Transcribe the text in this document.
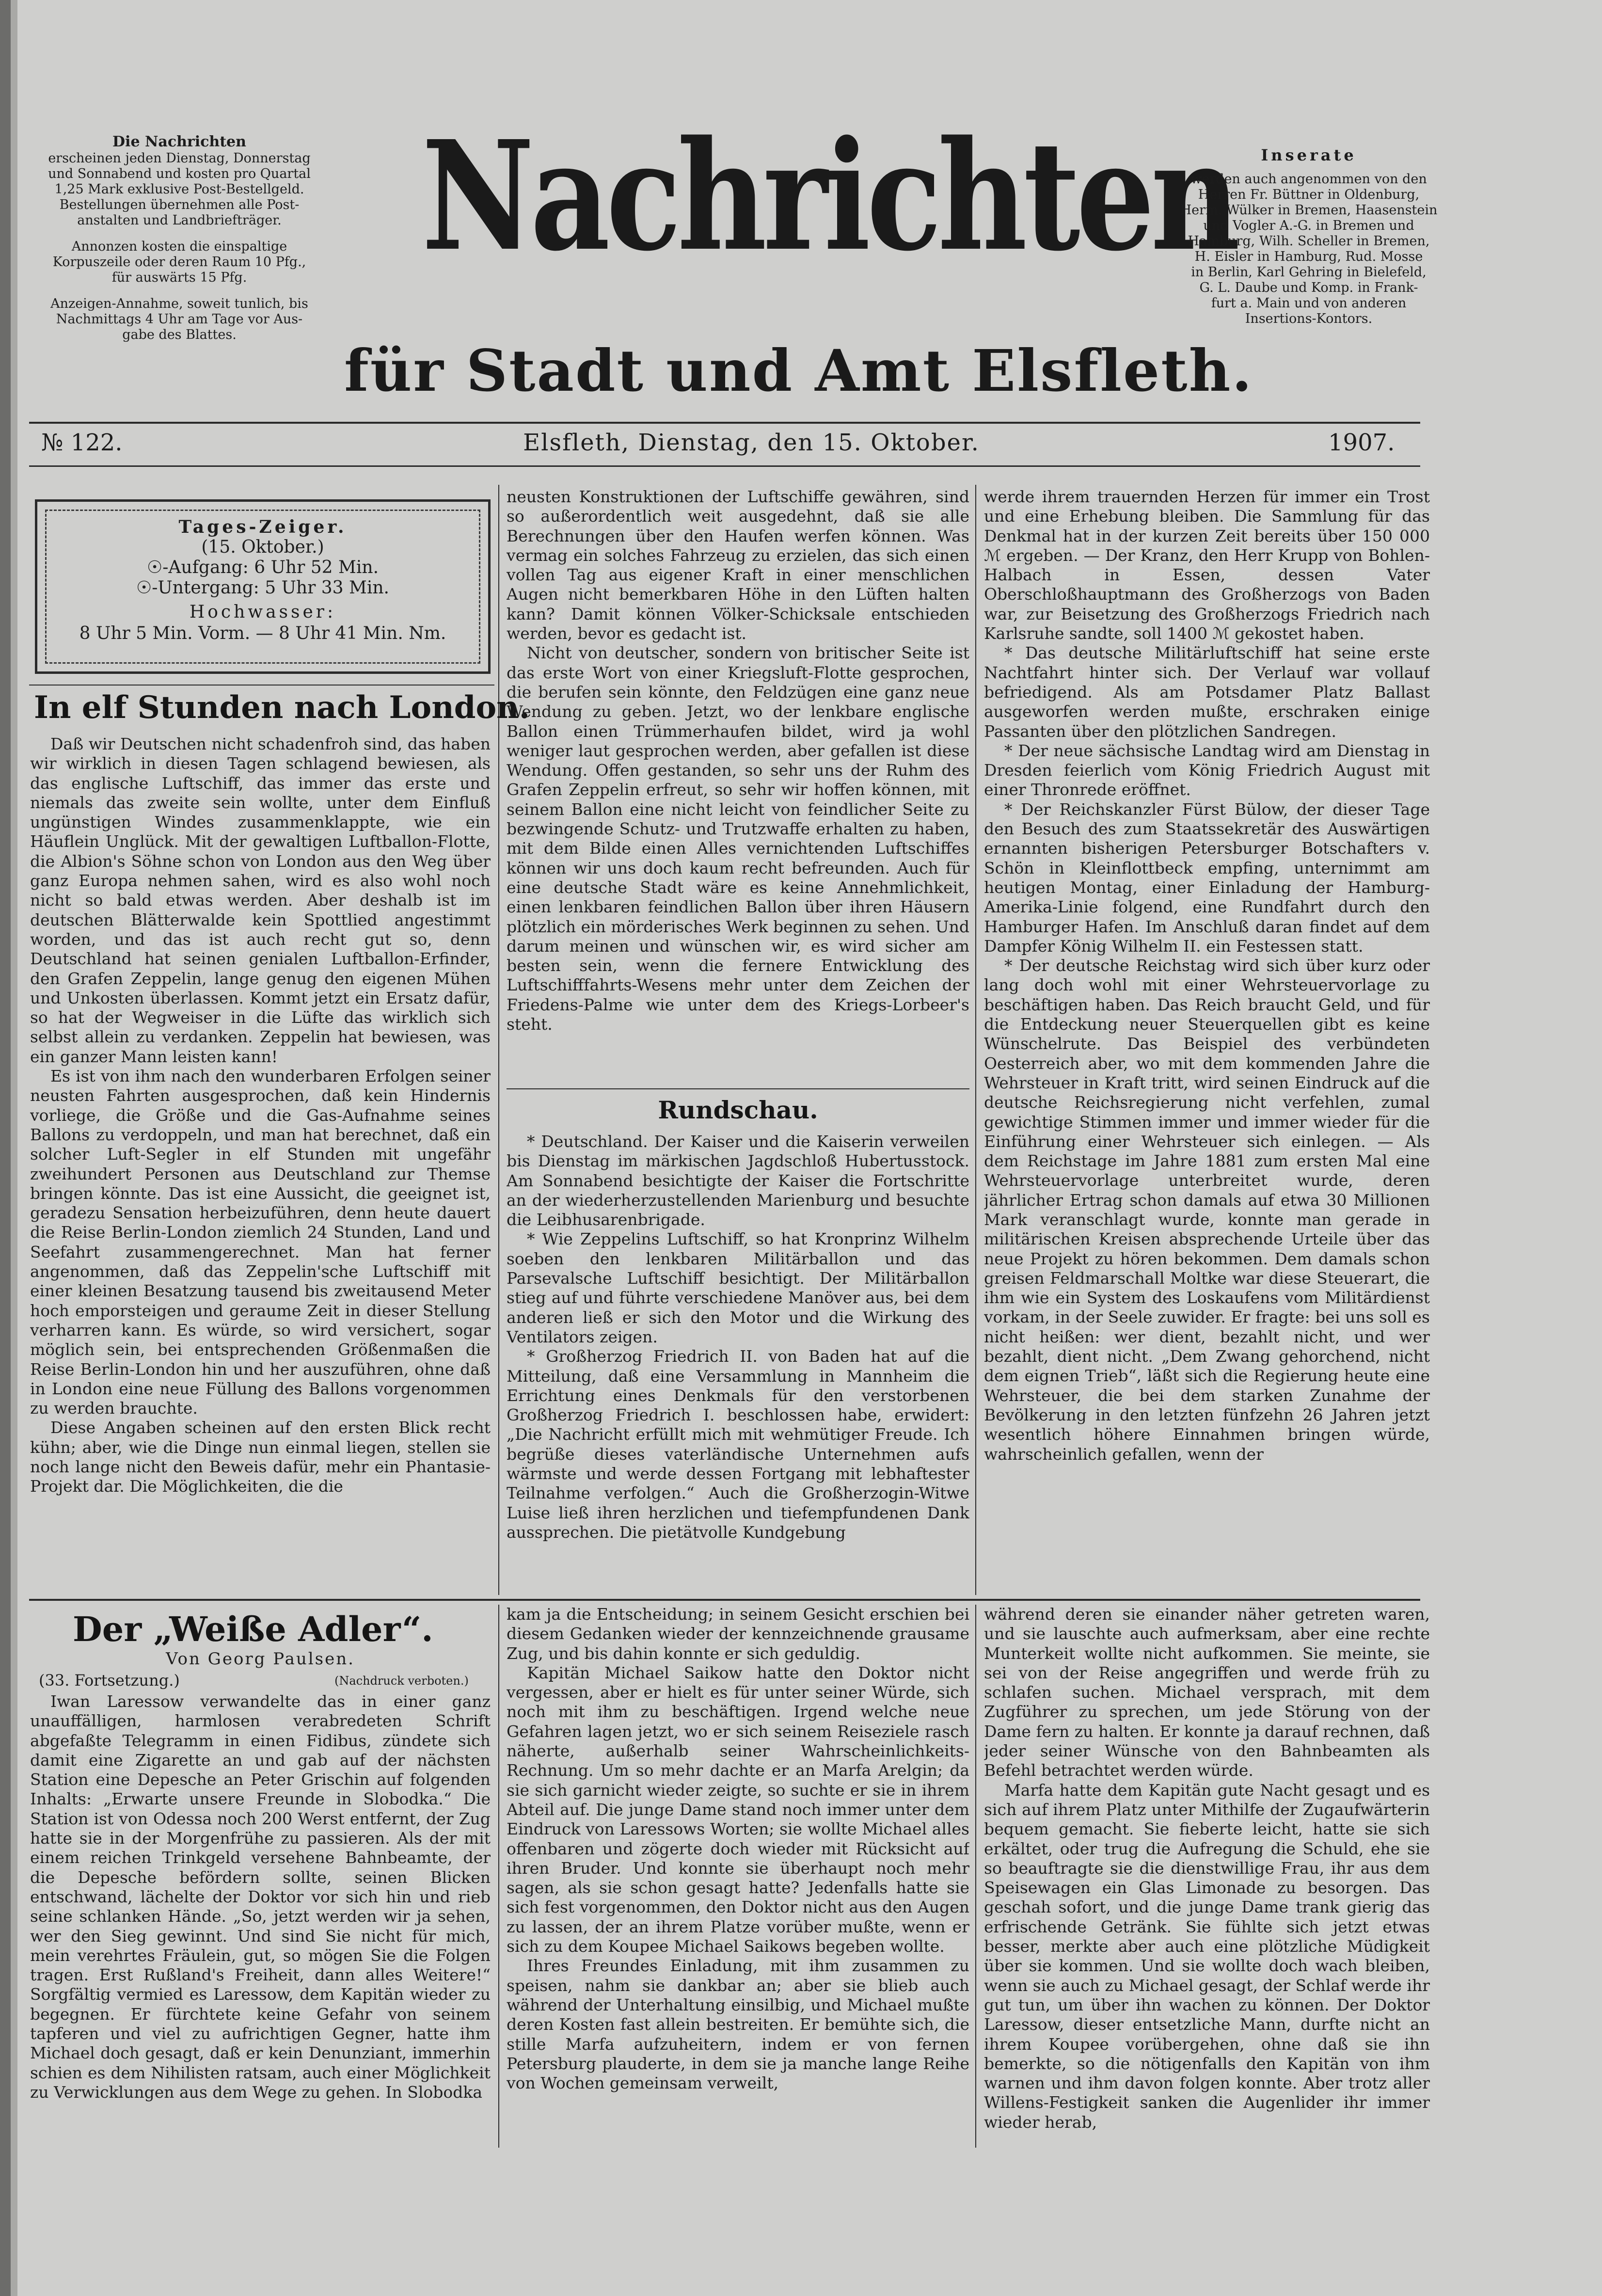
Die Nachrichten
erscheinen jeden Dienstag, Donnerstag
und Sonnabend und kosten pro Quartal
1,25 Mark exklusive Post-Bestellgeld.
Bestellungen übernehmen alle Post-
anstalten und Landbriefträger.
Annonzen kosten die einspaltige
Korpuszeile oder deren Raum 10 Pfg.,
für auswärts 15 Pfg.
Anzeigen-Annahme, soweit tunlich, bis
Nachmittags 4 Uhr am Tage vor Aus-
gabe des Blattes.
Nachrichten
für Stadt und Amt Elsfleth.
Inserate
werden auch angenommen von den
Herren Fr. Büttner in Oldenburg,
Herm. Wülker in Bremen, Haasenstein
und Vogler A.-G. in Bremen und
Hamburg, Wilh. Scheller in Bremen,
H. Eisler in Hamburg, Rud. Mosse
in Berlin, Karl Gehring in Bielefeld,
G. L. Daube und Komp. in Frank-
furt a. Main und von anderen
Insertions-Kontors.
№ 122.	Elsfleth, Dienstag, den 15. Oktober.	1907.
Tages-Zeiger.
(15. Oktober.)
☉-Aufgang: 6 Uhr 52 Min.
☉-Untergang: 5 Uhr 33 Min.
Hochwasser:
8 Uhr 5 Min. Vorm. — 8 Uhr 41 Min. Nm.
In elf Stunden nach London.

Daß wir Deutschen nicht schadenfroh sind, das haben wir wirklich in diesen Tagen schlagend bewiesen, als das englische Luftschiff, das immer das erste und niemals das zweite sein wollte, unter dem Einfluß ungünstigen Windes zusammenklappte, wie ein Häuflein Unglück. Mit der gewaltigen Luftballon-Flotte, die Albion's Söhne schon von London aus den Weg über ganz Europa nehmen sahen, wird es also wohl noch nicht so bald etwas werden. Aber deshalb ist im deutschen Blätterwalde kein Spottlied angestimmt worden, und das ist auch recht gut so, denn Deutschland hat seinen genialen Luftballon-Erfinder, den Grafen Zeppelin, lange genug den eigenen Mühen und Unkosten überlassen. Kommt jetzt ein Ersatz dafür, so hat der Wegweiser in die Lüfte das wirklich sich selbst allein zu verdanken. Zeppelin hat bewiesen, was ein ganzer Mann leisten kann!

Es ist von ihm nach den wunderbaren Erfolgen seiner neusten Fahrten ausgesprochen, daß kein Hindernis vorliege, die Größe und die Gas-Aufnahme seines Ballons zu verdoppeln, und man hat berechnet, daß ein solcher Luft-Segler in elf Stunden mit ungefähr zweihundert Personen aus Deutschland zur Themse bringen könnte. Das ist eine Aussicht, die geeignet ist, geradezu Sensation herbeizuführen, denn heute dauert die Reise Berlin-London ziemlich 24 Stunden, Land und Seefahrt zusammengerechnet. Man hat ferner angenommen, daß das Zeppelin'sche Luftschiff mit einer kleinen Besatzung tausend bis zweitausend Meter hoch emporsteigen und geraume Zeit in dieser Stellung verharren kann. Es würde, so wird versichert, sogar möglich sein, bei entsprechenden Größenmaßen die Reise Berlin-London hin und her auszuführen, ohne daß in London eine neue Füllung des Ballons vorgenommen zu werden brauchte.

Diese Angaben scheinen auf den ersten Blick recht kühn; aber, wie die Dinge nun einmal liegen, stellen sie noch lange nicht den Beweis dafür, mehr ein Phantasie-Projekt dar. Die Möglichkeiten, die die

neusten Konstruktionen der Luftschiffe gewähren, sind so außerordentlich weit ausgedehnt, daß sie alle Berechnungen über den Haufen werfen können. Was vermag ein solches Fahrzeug zu erzielen, das sich einen vollen Tag aus eigener Kraft in einer menschlichen Augen nicht bemerkbaren Höhe in den Lüften halten kann? Damit können Völker-Schicksale entschieden werden, bevor es gedacht ist.

Nicht von deutscher, sondern von britischer Seite ist das erste Wort von einer Kriegsluft-Flotte gesprochen, die berufen sein könnte, den Feldzügen eine ganz neue Wendung zu geben. Jetzt, wo der lenkbare englische Ballon einen Trümmerhaufen bildet, wird ja wohl weniger laut gesprochen werden, aber gefallen ist diese Wendung. Offen gestanden, so sehr uns der Ruhm des Grafen Zeppelin erfreut, so sehr wir hoffen können, mit seinem Ballon eine nicht leicht von feindlicher Seite zu bezwingende Schutz- und Trutzwaffe erhalten zu haben, mit dem Bilde einen Alles vernichtenden Luftschiffes können wir uns doch kaum recht befreunden. Auch für eine deutsche Stadt wäre es keine Annehmlichkeit, einen lenkbaren feindlichen Ballon über ihren Häusern plötzlich ein mörderisches Werk beginnen zu sehen. Und darum meinen und wünschen wir, es wird sicher am besten sein, wenn die fernere Entwicklung des Luftschifffahrts-Wesens mehr unter dem Zeichen der Friedens-Palme wie unter dem des Kriegs-Lorbeer's steht.

Rundschau.

* Deutschland. Der Kaiser und die Kaiserin verweilen bis Dienstag im märkischen Jagdschloß Hubertusstock. Am Sonnabend besichtigte der Kaiser die Fortschritte an der wiederherzustellenden Marienburg und besuchte die Leibhusarenbrigade.

* Wie Zeppelins Luftschiff, so hat Kronprinz Wilhelm soeben den lenkbaren Militärballon und das Parsevalsche Luftschiff besichtigt. Der Militärballon stieg auf und führte verschiedene Manöver aus, bei dem anderen ließ er sich den Motor und die Wirkung des Ventilators zeigen.

* Großherzog Friedrich II. von Baden hat auf die Mitteilung, daß eine Versammlung in Mannheim die Errichtung eines Denkmals für den verstorbenen Großherzog Friedrich I. beschlossen habe, erwidert: „Die Nachricht erfüllt mich mit wehmütiger Freude. Ich begrüße dieses vaterländische Unternehmen aufs wärmste und werde dessen Fortgang mit lebhaftester Teilnahme verfolgen.“ Auch die Großherzogin-Witwe Luise ließ ihren herzlichen und tiefempfundenen Dank aussprechen. Die pietätvolle Kundgebung

werde ihrem trauernden Herzen für immer ein Trost und eine Erhebung bleiben. Die Sammlung für das Denkmal hat in der kurzen Zeit bereits über 150 000 ℳ ergeben. — Der Kranz, den Herr Krupp von Bohlen-Halbach in Essen, dessen Vater Oberschloßhauptmann des Großherzogs von Baden war, zur Beisetzung des Großherzogs Friedrich nach Karlsruhe sandte, soll 1400 ℳ gekostet haben.

* Das deutsche Militärluftschiff hat seine erste Nachtfahrt hinter sich. Der Verlauf war vollauf befriedigend. Als am Potsdamer Platz Ballast ausgeworfen werden mußte, erschraken einige Passanten über den plötzlichen Sandregen.

* Der neue sächsische Landtag wird am Dienstag in Dresden feierlich vom König Friedrich August mit einer Thronrede eröffnet.

* Der Reichskanzler Fürst Bülow, der dieser Tage den Besuch des zum Staatssekretär des Auswärtigen ernannten bisherigen Petersburger Botschafters v. Schön in Kleinflottbeck empfing, unternimmt am heutigen Montag, einer Einladung der Hamburg-Amerika-Linie folgend, eine Rundfahrt durch den Hamburger Hafen. Im Anschluß daran findet auf dem Dampfer König Wilhelm II. ein Festessen statt.

* Der deutsche Reichstag wird sich über kurz oder lang doch wohl mit einer Wehrsteuervorlage zu beschäftigen haben. Das Reich braucht Geld, und für die Entdeckung neuer Steuerquellen gibt es keine Wünschelrute. Das Beispiel des verbündeten Oesterreich aber, wo mit dem kommenden Jahre die Wehrsteuer in Kraft tritt, wird seinen Eindruck auf die deutsche Reichsregierung nicht verfehlen, zumal gewichtige Stimmen immer und immer wieder für die Einführung einer Wehrsteuer sich einlegen. — Als dem Reichstage im Jahre 1881 zum ersten Mal eine Wehrsteuervorlage unterbreitet wurde, deren jährlicher Ertrag schon damals auf etwa 30 Millionen Mark veranschlagt wurde, konnte man gerade in militärischen Kreisen absprechende Urteile über das neue Projekt zu hören bekommen. Dem damals schon greisen Feldmarschall Moltke war diese Steuerart, die ihm wie ein System des Loskaufens vom Militärdienst vorkam, in der Seele zuwider. Er fragte: bei uns soll es nicht heißen: wer dient, bezahlt nicht, und wer bezahlt, dient nicht. „Dem Zwang gehorchend, nicht dem eignen Trieb“, läßt sich die Regierung heute eine Wehrsteuer, die bei dem starken Zunahme der Bevölkerung in den letzten fünfzehn 26 Jahren jetzt wesentlich höhere Einnahmen bringen würde, wahrscheinlich gefallen, wenn der

Der „Weiße Adler“.
Von Georg Paulsen.
(33. Fortsetzung.)	(Nachdruck verboten.)

Iwan Laressow verwandelte das in einer ganz unauffälligen, harmlosen verabredeten Schrift abgefaßte Telegramm in einen Fidibus, zündete sich damit eine Zigarette an und gab auf der nächsten Station eine Depesche an Peter Grischin auf folgenden Inhalts: „Erwarte unsere Freunde in Slobodka.“ Die Station ist von Odessa noch 200 Werst entfernt, der Zug hatte sie in der Morgenfrühe zu passieren. Als der mit einem reichen Trinkgeld versehene Bahnbeamte, der die Depesche befördern sollte, seinen Blicken entschwand, lächelte der Doktor vor sich hin und rieb seine schlanken Hände. „So, jetzt werden wir ja sehen, wer den Sieg gewinnt. Und sind Sie nicht für mich, mein verehrtes Fräulein, gut, so mögen Sie die Folgen tragen. Erst Rußland's Freiheit, dann alles Weitere!“ Sorgfältig vermied es Laressow, dem Kapitän wieder zu begegnen. Er fürchtete keine Gefahr von seinem tapferen und viel zu aufrichtigen Gegner, hatte ihm Michael doch gesagt, daß er kein Denunziant, immerhin schien es dem Nihilisten ratsam, auch einer Möglichkeit zu Verwicklungen aus dem Wege zu gehen. In Slobodka

kam ja die Entscheidung; in seinem Gesicht erschien bei diesem Gedanken wieder der kennzeichnende grausame Zug, und bis dahin konnte er sich geduldig.

Kapitän Michael Saikow hatte den Doktor nicht vergessen, aber er hielt es für unter seiner Würde, sich noch mit ihm zu beschäftigen. Irgend welche neue Gefahren lagen jetzt, wo er sich seinem Reiseziele rasch näherte, außerhalb seiner Wahrscheinlichkeits-Rechnung. Um so mehr dachte er an Marfa Arelgin; da sie sich garnicht wieder zeigte, so suchte er sie in ihrem Abteil auf. Die junge Dame stand noch immer unter dem Eindruck von Laressows Worten; sie wollte Michael alles offenbaren und zögerte doch wieder mit Rücksicht auf ihren Bruder. Und konnte sie überhaupt noch mehr sagen, als sie schon gesagt hatte? Jedenfalls hatte sie sich fest vorgenommen, den Doktor nicht aus den Augen zu lassen, der an ihrem Platze vorüber mußte, wenn er sich zu dem Koupee Michael Saikows begeben wollte.

Ihres Freundes Einladung, mit ihm zusammen zu speisen, nahm sie dankbar an; aber sie blieb auch während der Unterhaltung einsilbig, und Michael mußte deren Kosten fast allein bestreiten. Er bemühte sich, die stille Marfa aufzuheitern, indem er von fernen Petersburg plauderte, in dem sie ja manche lange Reihe von Wochen gemeinsam verweilt,

während deren sie einander näher getreten waren, und sie lauschte auch aufmerksam, aber eine rechte Munterkeit wollte nicht aufkommen. Sie meinte, sie sei von der Reise angegriffen und werde früh zu schlafen suchen. Michael versprach, mit dem Zugführer zu sprechen, um jede Störung von der Dame fern zu halten. Er konnte ja darauf rechnen, daß jeder seiner Wünsche von den Bahnbeamten als Befehl betrachtet werden würde.

Marfa hatte dem Kapitän gute Nacht gesagt und es sich auf ihrem Platz unter Mithilfe der Zugaufwärterin bequem gemacht. Sie fieberte leicht, hatte sie sich erkältet, oder trug die Aufregung die Schuld, ehe sie so beauftragte sie die dienstwillige Frau, ihr aus dem Speisewagen ein Glas Limonade zu besorgen. Das geschah sofort, und die junge Dame trank gierig das erfrischende Getränk. Sie fühlte sich jetzt etwas besser, merkte aber auch eine plötzliche Müdigkeit über sie kommen. Und sie wollte doch wach bleiben, wenn sie auch zu Michael gesagt, der Schlaf werde ihr gut tun, um über ihn wachen zu können. Der Doktor Laressow, dieser entsetzliche Mann, durfte nicht an ihrem Koupee vorübergehen, ohne daß sie ihn bemerkte, so die nötigenfalls den Kapitän von ihm warnen und ihm davon folgen konnte. Aber trotz aller Willens-Festigkeit sanken die Augenlider ihr immer wieder herab,
